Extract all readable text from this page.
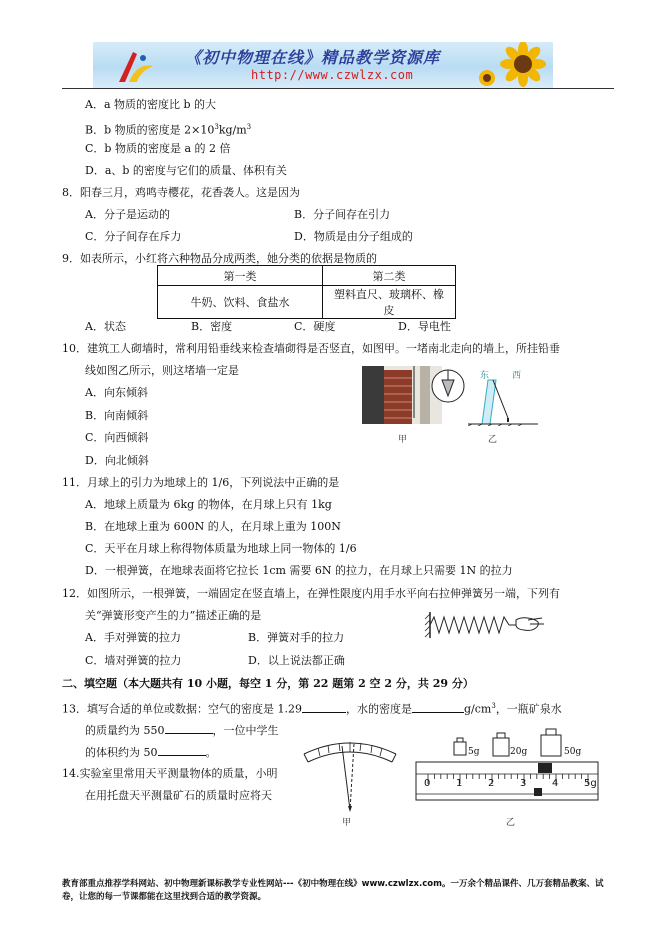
《初中物理在线》精品教学资源库
http://www.czwlzx.com
A．a 物质的密度比 b 的大
B．b 物质的密度是 $2\times 10^3kg/m^3$
C．b 物质的密度是 a 的 2 倍
D．a、b 的密度与它们的质量、体积有关
8．阳春三月，鸡鸣寺樱花，花香袭人。这是因为
A．分子是运动的	B．分子间存在引力
C．分子间存在斥力	D．物质是由分子组成的
9．如表所示，小红将六种物品分成两类，她分类的依据是物质的
第一类	第二类
牛奶、饮料、食盐水	塑料直尺、玻璃杯、橡皮
A．状态	B．密度	C．硬度	D．导电性
10．建筑工人砌墙时，常利用铅垂线来检查墙砌得是否竖直，如图甲。一堵南北走向的墙上，所挂铅垂
线如图乙所示，则这堵墙一定是
A．向东倾斜
B．向南倾斜
C．向西倾斜
D．向北倾斜
甲
东	西
乙
11．月球上的引力为地球上的 1/6，下列说法中正确的是
A．地球上质量为 6kg 的物体，在月球上只有 1kg
B．在地球上重为 600N 的人，在月球上重为 100N
C．天平在月球上称得物体质量为地球上同一物体的 1/6
D．一根弹簧，在地球表面将它拉长 1cm 需要 6N 的拉力，在月球上只需要 1N 的拉力
12．如图所示，一根弹簧，一端固定在竖直墙上，在弹性限度内用手水平向右拉伸弹簧另一端，下列有
关“弹簧形变产生的力”描述正确的是
A．手对弹簧的拉力	B．弹簧对手的拉力
C．墙对弹簧的拉力	D．以上说法都正确
二、填空题（本大题共有 10 小题，每空 1 分，第 22 题第 2 空 2 分，共 29 分）
13．填写合适的单位或数据：空气的密度是 1.29	，水的密度是	$g/cm^3$，一瓶矿泉水
的质量约为 550	，一位中学生
的体积约为 50	。
14.实验室里常用天平测量物体的质量，小明
在用托盘天平测量矿石的质量时应将天
甲
5g	20g	50g
0	1	2	3	4	5g
乙
教育部重点推荐学科网站、初中物理新课标教学专业性网站---《初中物理在线》www.czwlzx.com。一万余个精品课件、几万套精品教案、试卷，让您的每一节课都能在这里找到合适的教学资源。
